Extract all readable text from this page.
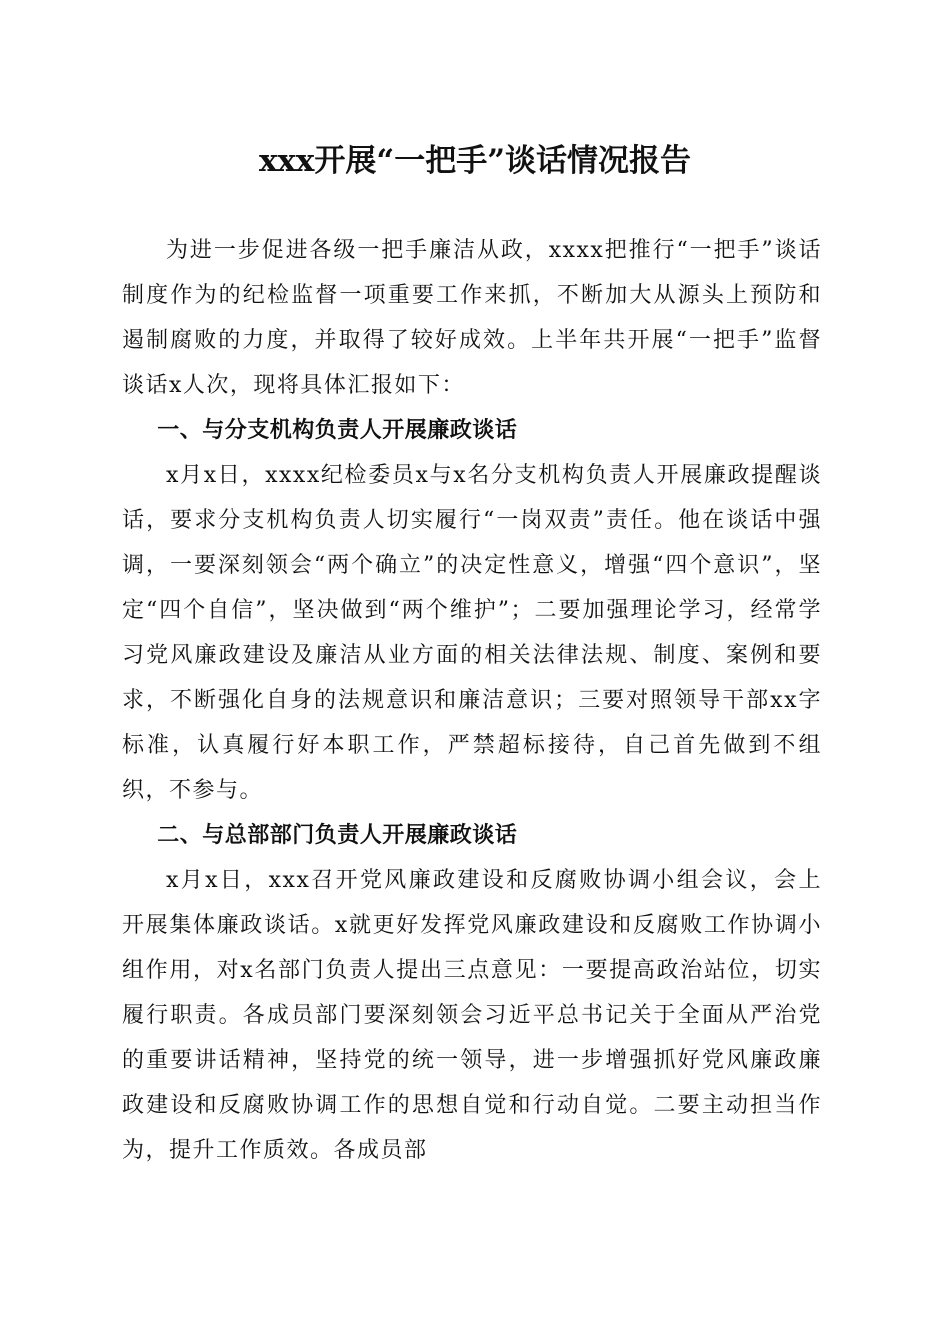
xxx开展“一把手”谈话情况报告

为进一步促进各级一把手廉洁从政，xxxx把推行“一把手”谈话制度作为的纪检监督一项重要工作来抓，不断加大从源头上预防和遏制腐败的力度，并取得了较好成效。上半年共开展“一把手”监督谈话x人次，现将具体汇报如下：

一、与分支机构负责人开展廉政谈话

x月x日，xxxx纪检委员x与x名分支机构负责人开展廉政提醒谈话，要求分支机构负责人切实履行“一岗双责”责任。他在谈话中强调，一要深刻领会“两个确立”的决定性意义，增强“四个意识”，坚定“四个自信”，坚决做到“两个维护”；二要加强理论学习，经常学习党风廉政建设及廉洁从业方面的相关法律法规、制度、案例和要求，不断强化自身的法规意识和廉洁意识；三要对照领导干部xx字标准，认真履行好本职工作，严禁超标接待，自己首先做到不组织，不参与。

二、与总部部门负责人开展廉政谈话

x月x日，xxx召开党风廉政建设和反腐败协调小组会议，会上开展集体廉政谈话。x就更好发挥党风廉政建设和反腐败工作协调小组作用，对x名部门负责人提出三点意见：一要提高政治站位，切实履行职责。各成员部门要深刻领会习近平总书记关于全面从严治党的重要讲话精神，坚持党的统一领导，进一步增强抓好党风廉政廉政建设和反腐败协调工作的思想自觉和行动自觉。二要主动担当作为，提升工作质效。各成员部
